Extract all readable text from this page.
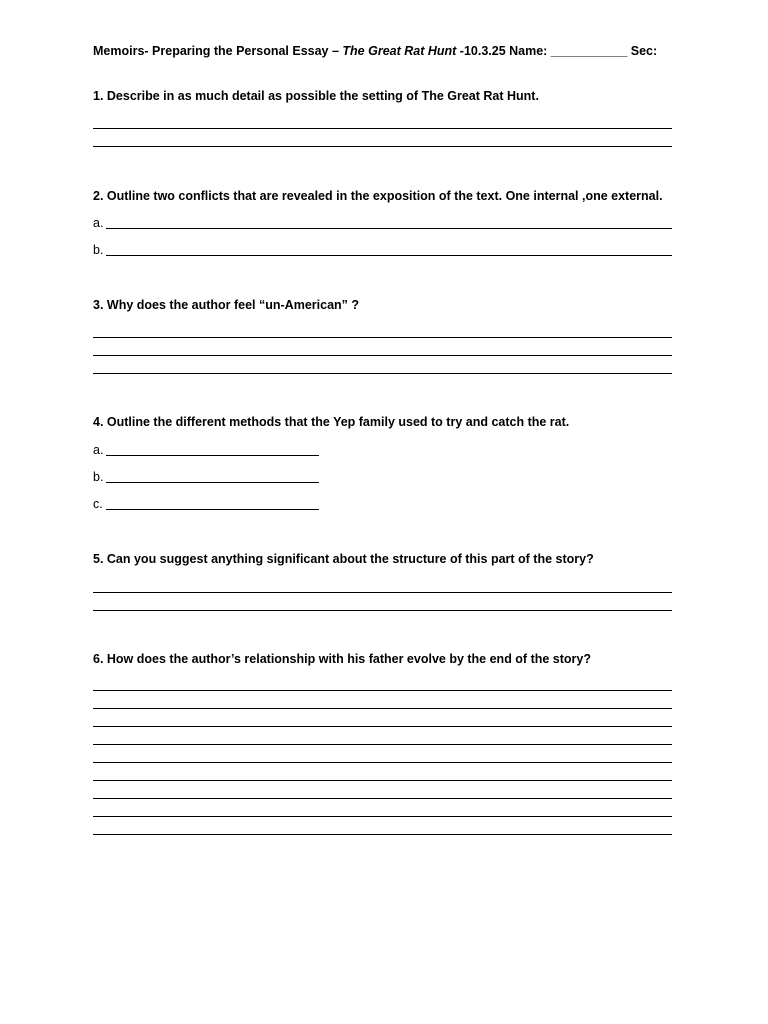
Memoirs- Preparing the Personal Essay – The Great Rat Hunt -10.3.25 Name: ___________ Sec:
1. Describe in as much detail as possible the setting of The Great Rat Hunt.
2. Outline two conflicts that are revealed in the exposition of the text. One internal ,one external.
a.
b.
3. Why does the author feel “un-American” ?
4. Outline the different methods that the Yep family used to try and catch the rat.
a.
b.
c.
5. Can you suggest anything significant about the structure of this part of the story?
6. How does the author’s relationship with his father evolve by the end of the story?
